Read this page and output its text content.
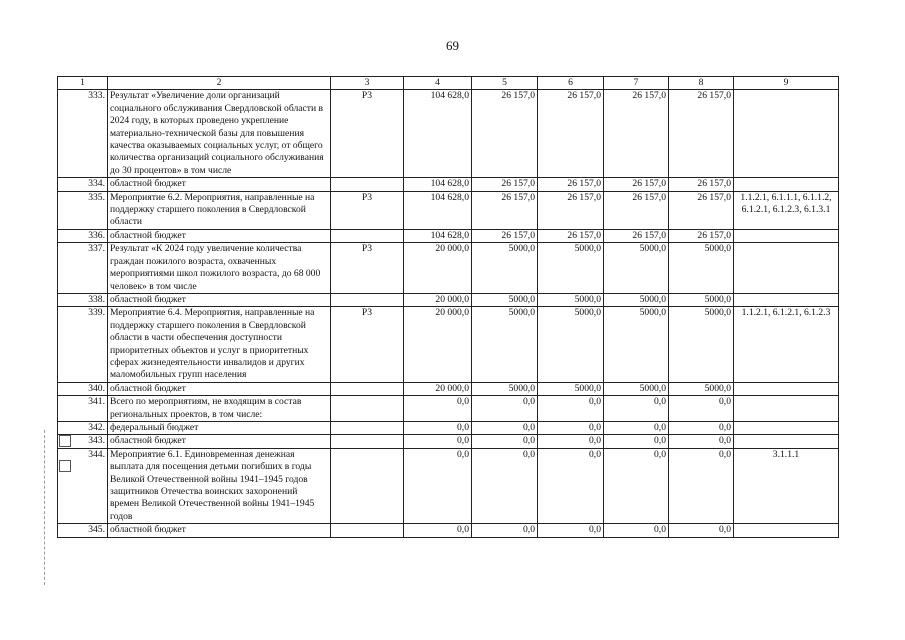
69
1	2	3	4	5	6	7	8	9
333.	Результат «Увеличение доли организаций социального обслуживания Свердловской области в 2024 году, в которых проведено укрепление материально-технической базы для повышения качества оказываемых социальных услуг, от общего количества организаций социального обслуживания до 30 процентов» в том числе	Р3	104 628,0	26 157,0	26 157,0	26 157,0	26 157,0	
334.	областной бюджет		104 628,0	26 157,0	26 157,0	26 157,0	26 157,0	
335.	Мероприятие 6.2. Мероприятия, направленные на поддержку старшего поколения в Свердловской области	Р3	104 628,0	26 157,0	26 157,0	26 157,0	26 157,0	1.1.2.1, 6.1.1.1, 6.1.1.2, 6.1.2.1, 6.1.2.3, 6.1.3.1
336.	областной бюджет		104 628,0	26 157,0	26 157,0	26 157,0	26 157,0	
337.	Результат «К 2024 году увеличение количества граждан пожилого возраста, охваченных мероприятиями школ пожилого возраста, до 68 000 человек» в том числе	Р3	20 000,0	5000,0	5000,0	5000,0	5000,0	
338.	областной бюджет		20 000,0	5000,0	5000,0	5000,0	5000,0	
339.	Мероприятие 6.4. Мероприятия, направленные на поддержку старшего поколения в Свердловской области в части обеспечения доступности приоритетных объектов и услуг в приоритетных сферах жизнедеятельности инвалидов и других маломобильных групп населения	Р3	20 000,0	5000,0	5000,0	5000,0	5000,0	1.1.2.1, 6.1.2.1, 6.1.2.3
340.	областной бюджет		20 000,0	5000,0	5000,0	5000,0	5000,0	
341.	Всего по мероприятиям, не входящим в состав региональных проектов, в том числе:		0,0	0,0	0,0	0,0	0,0	
342.	федеральный бюджет		0,0	0,0	0,0	0,0	0,0	
343.	областной бюджет		0,0	0,0	0,0	0,0	0,0	
344.	Мероприятие 6.1. Единовременная денежная выплата для посещения детьми погибших в годы Великой Отечественной войны 1941–1945 годов защитников Отечества воинских захоронений времен Великой Отечественной войны 1941–1945 годов		0,0	0,0	0,0	0,0	0,0	3.1.1.1
345.	областной бюджет		0,0	0,0	0,0	0,0	0,0	
